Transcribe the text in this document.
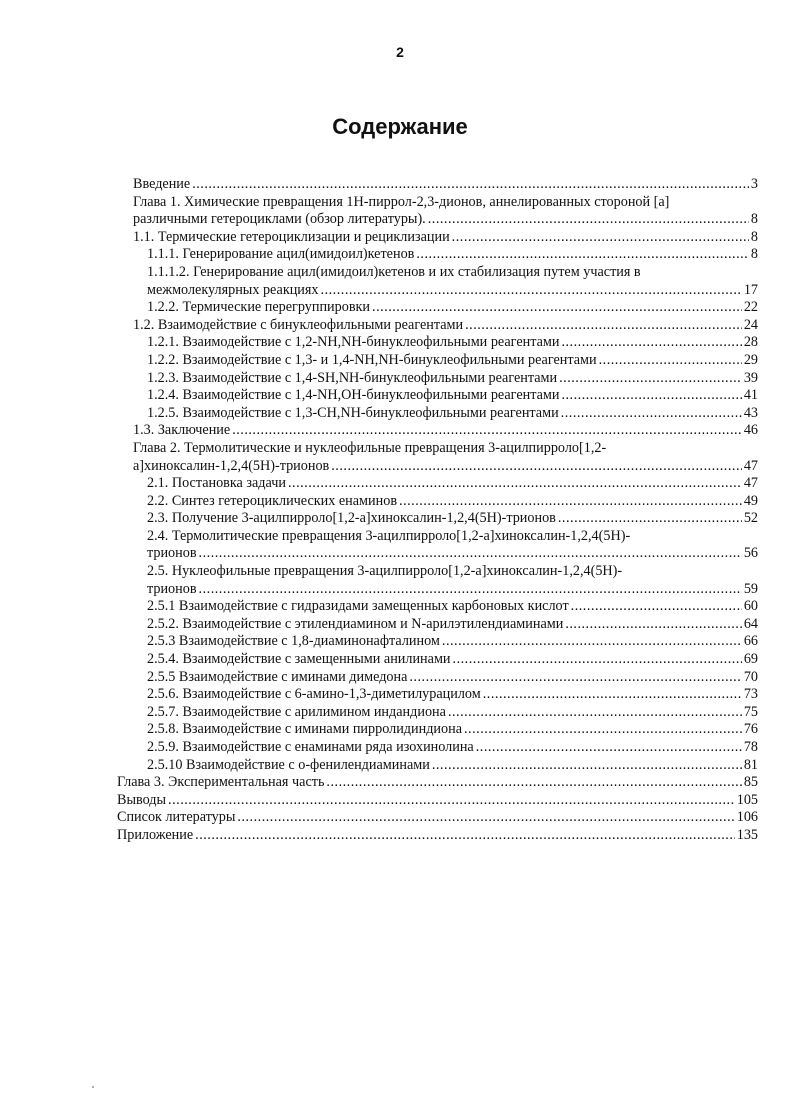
2
Содержание
Введение .....	3
Глава 1. Химические превращения 1H-пиррол-2,3-дионов, аннелированных стороной [a]
различными гетероциклами (обзор литературы). .....	8
1.1. Термические гетероциклизации и рециклизации .....	8
1.1.1. Генерирование ацил(имидоил)кетенов .....	8
1.1.1.2. Генерирование ацил(имидоил)кетенов и их стабилизация путем участия в
межмолекулярных реакциях .....	17
1.2.2. Термические перегруппировки .....	22
1.2. Взаимодействие с бинуклеофильными реагентами .....	24
1.2.1. Взаимодействие с 1,2-NH,NH-бинуклеофильными реагентами .....	28
1.2.2. Взаимодействие с 1,3- и 1,4-NH,NH-бинуклеофильными реагентами .....	29
1.2.3. Взаимодействие с 1,4-SH,NH-бинуклеофильными реагентами .....	39
1.2.4. Взаимодействие с 1,4-NH,OH-бинуклеофильными реагентами .....	41
1.2.5. Взаимодействие с 1,3-CH,NH-бинуклеофильными реагентами .....	43
1.3. Заключение .....	46
Глава 2. Термолитические и нуклеофильные превращения 3-ацилпирроло[1,2-
a]хиноксалин-1,2,4(5H)-трионов .....	47
2.1. Постановка задачи .....	47
2.2. Синтез гетероциклических енаминов .....	49
2.3. Получение 3-ацилпирроло[1,2-a]хиноксалин-1,2,4(5H)-трионов .....	52
2.4. Термолитические превращения 3-ацилпирроло[1,2-a]хиноксалин-1,2,4(5H)-
трионов .....	56
2.5. Нуклеофильные превращения 3-ацилпирроло[1,2-a]хиноксалин-1,2,4(5H)-
трионов .....	59
2.5.1 Взаимодействие с гидразидами замещенных карбоновых кислот .....	60
2.5.2. Взаимодействие с этилендиамином и N-арилэтилендиаминами .....	64
2.5.3 Взаимодействие с 1,8-диаминонафталином .....	66
2.5.4. Взаимодействие с замещенными анилинами .....	69
2.5.5 Взаимодействие с иминами димедона .....	70
2.5.6. Взаимодействие с 6-амино-1,3-диметилурацилом .....	73
2.5.7. Взаимодействие с арилимином индандиона .....	75
2.5.8. Взаимодействие с иминами пирролидиндиона .....	76
2.5.9. Взаимодействие с енаминами ряда изохинолина .....	78
2.5.10 Взаимодействие с o-фенилендиаминами .....	81
Глава 3. Экспериментальная часть .....	85
Выводы .....	105
Список литературы .....	106
Приложение .....	135
